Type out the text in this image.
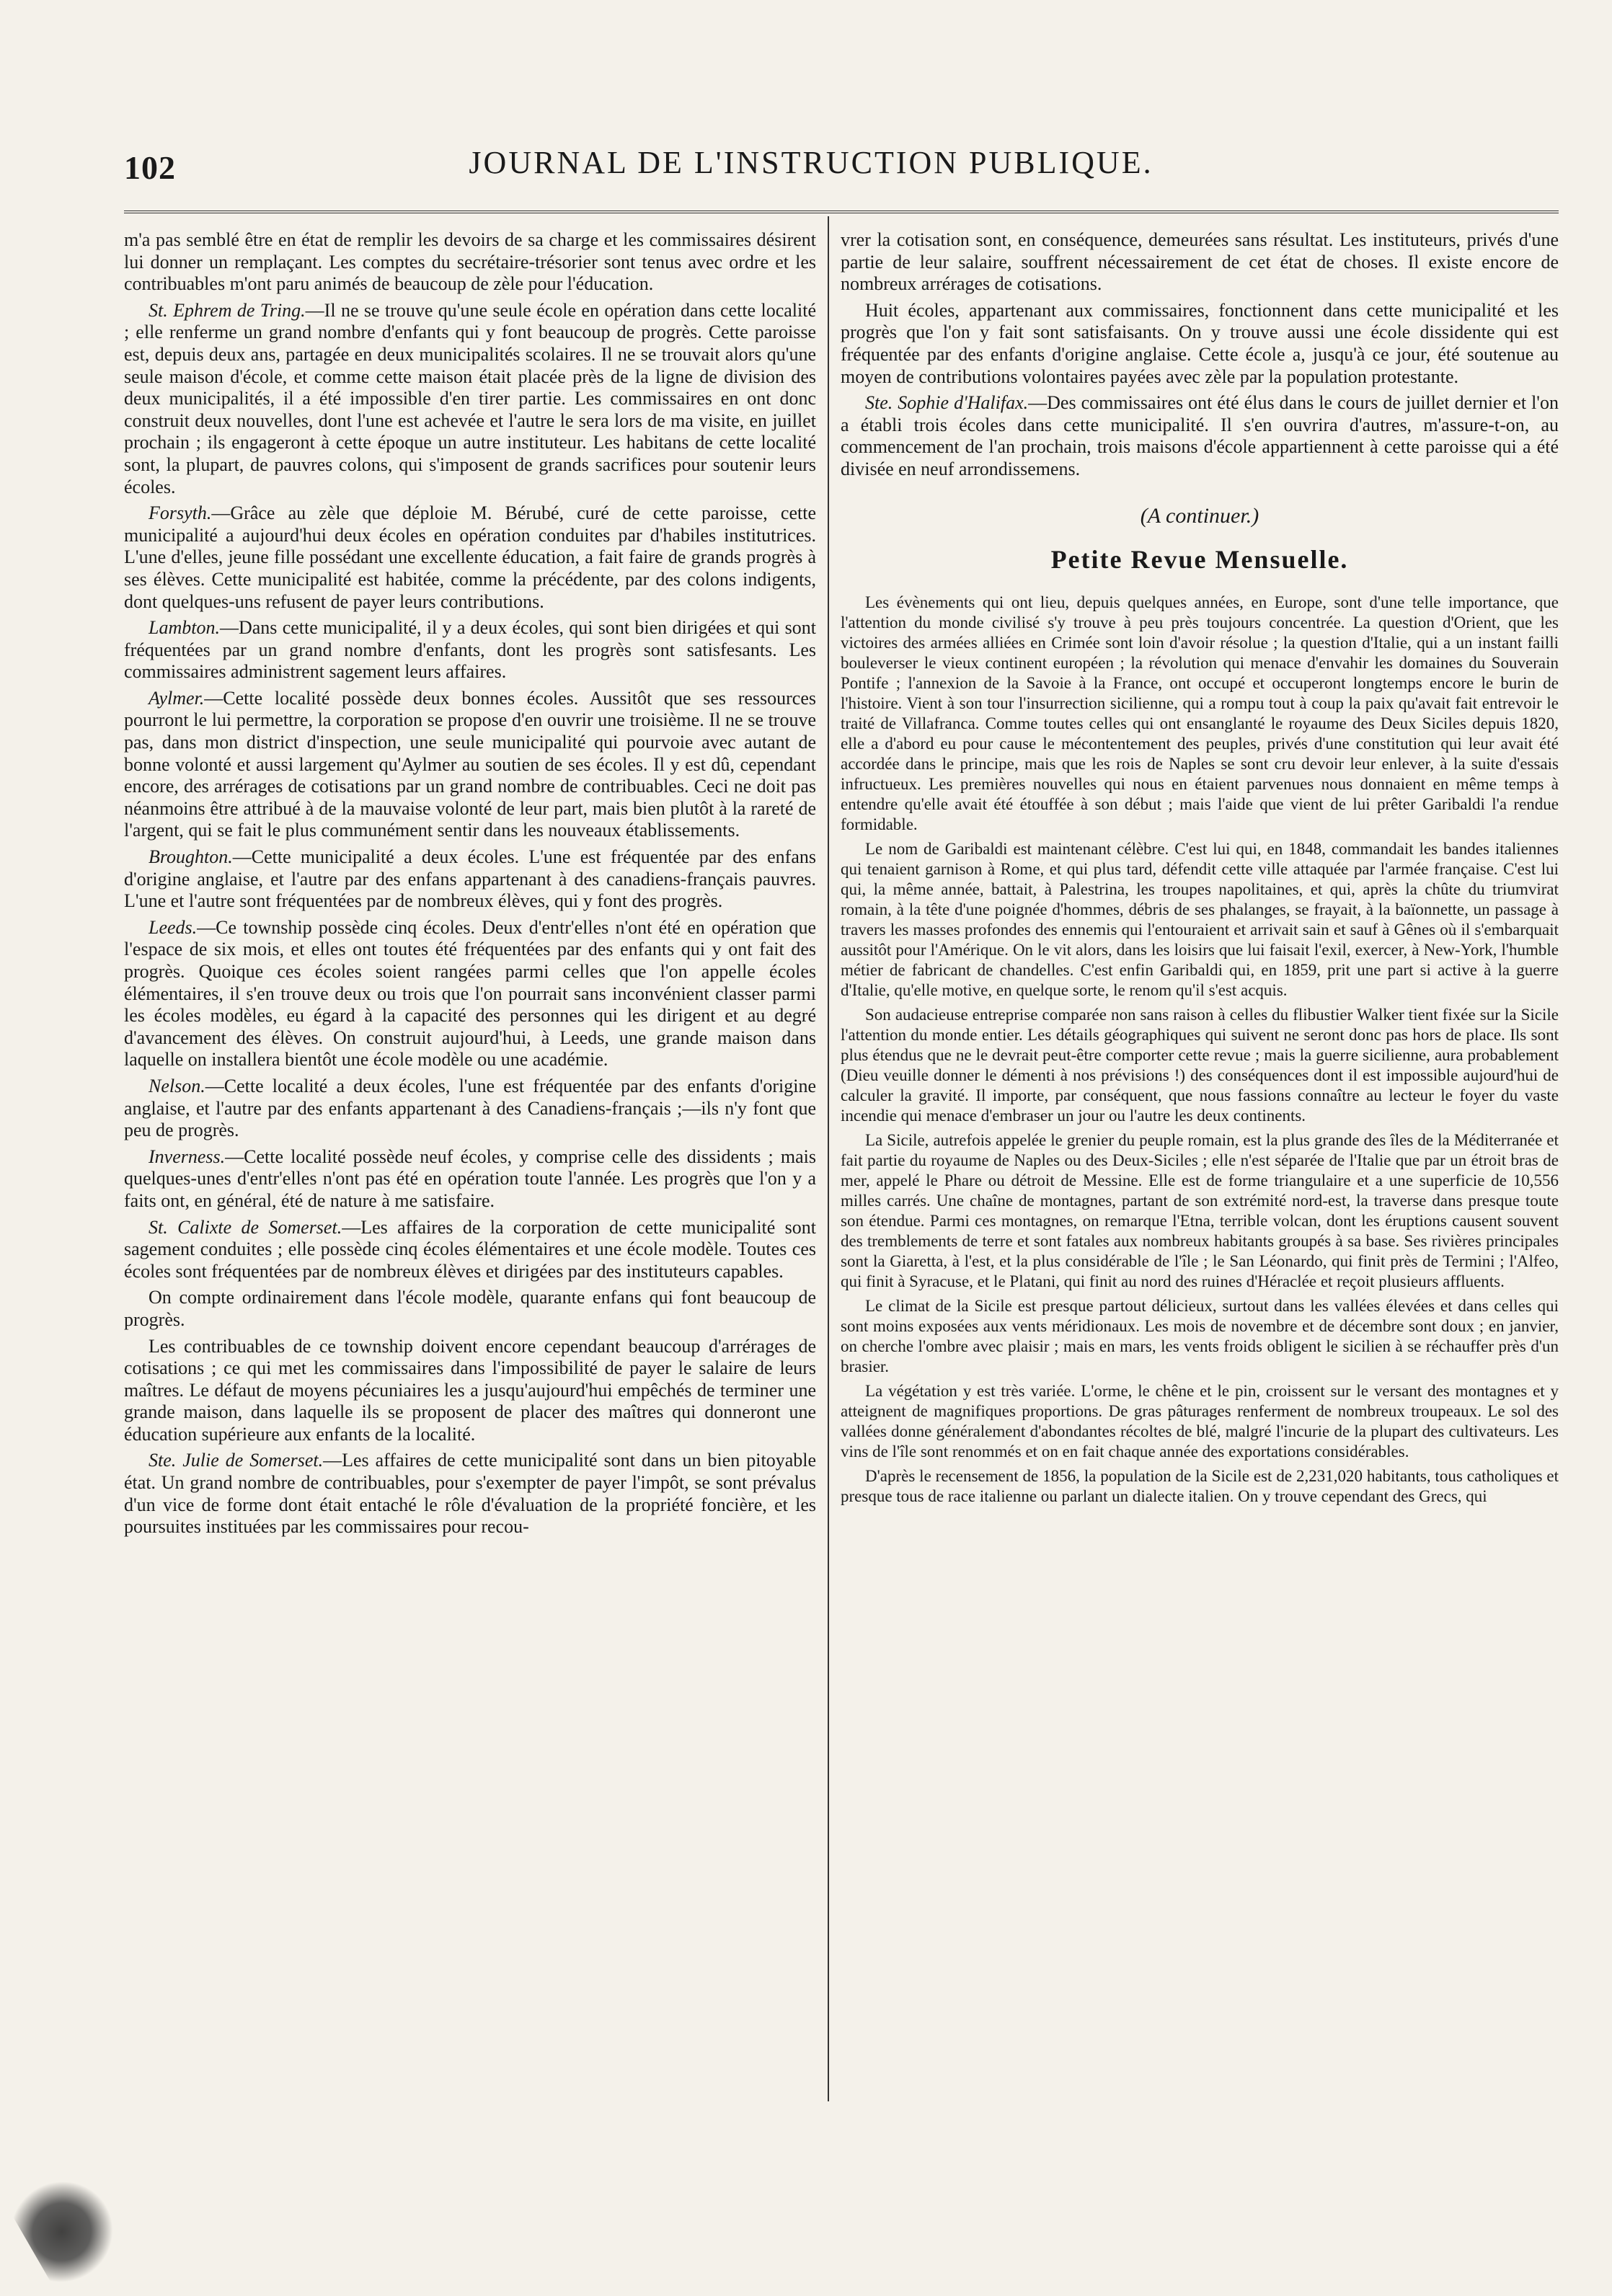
102	JOURNAL DE L'INSTRUCTION PUBLIQUE.

m'a pas semblé être en état de remplir les devoirs de sa charge et les commissaires désirent lui donner un remplaçant. Les comptes du secrétaire-trésorier sont tenus avec ordre et les contribuables m'ont paru animés de beaucoup de zèle pour l'éducation.

St. Ephrem de Tring.—Il ne se trouve qu'une seule école en opération dans cette localité ; elle renferme un grand nombre d'enfants qui y font beaucoup de progrès. Cette paroisse est, depuis deux ans, partagée en deux municipalités scolaires. Il ne se trouvait alors qu'une seule maison d'école, et comme cette maison était placée près de la ligne de division des deux municipalités, il a été impossible d'en tirer partie. Les commissaires en ont donc construit deux nouvelles, dont l'une est achevée et l'autre le sera lors de ma visite, en juillet prochain ; ils engageront à cette époque un autre instituteur. Les habitans de cette localité sont, la plupart, de pauvres colons, qui s'imposent de grands sacrifices pour soutenir leurs écoles.

Forsyth.—Grâce au zèle que déploie M. Bérubé, curé de cette paroisse, cette municipalité a aujourd'hui deux écoles en opération conduites par d'habiles institutrices. L'une d'elles, jeune fille possédant une excellente éducation, a fait faire de grands progrès à ses élèves. Cette municipalité est habitée, comme la précédente, par des colons indigents, dont quelques-uns refusent de payer leurs contributions.

Lambton.—Dans cette municipalité, il y a deux écoles, qui sont bien dirigées et qui sont fréquentées par un grand nombre d'enfants, dont les progrès sont satisfesants. Les commissaires administrent sagement leurs affaires.

Aylmer.—Cette localité possède deux bonnes écoles. Aussitôt que ses ressources pourront le lui permettre, la corporation se propose d'en ouvrir une troisième. Il ne se trouve pas, dans mon district d'inspection, une seule municipalité qui pourvoie avec autant de bonne volonté et aussi largement qu'Aylmer au soutien de ses écoles. Il y est dû, cependant encore, des arrérages de cotisations par un grand nombre de contribuables. Ceci ne doit pas néanmoins être attribué à de la mauvaise volonté de leur part, mais bien plutôt à la rareté de l'argent, qui se fait le plus communément sentir dans les nouveaux établissements.

Broughton.—Cette municipalité a deux écoles. L'une est fréquentée par des enfans d'origine anglaise, et l'autre par des enfans appartenant à des canadiens-français pauvres. L'une et l'autre sont fréquentées par de nombreux élèves, qui y font des progrès.

Leeds.—Ce township possède cinq écoles. Deux d'entr'elles n'ont été en opération que l'espace de six mois, et elles ont toutes été fréquentées par des enfants qui y ont fait des progrès. Quoique ces écoles soient rangées parmi celles que l'on appelle écoles élémentaires, il s'en trouve deux ou trois que l'on pourrait sans inconvénient classer parmi les écoles modèles, eu égard à la capacité des personnes qui les dirigent et au degré d'avancement des élèves. On construit aujourd'hui, à Leeds, une grande maison dans laquelle on installera bientôt une école modèle ou une académie.

Nelson.—Cette localité a deux écoles, l'une est fréquentée par des enfants d'origine anglaise, et l'autre par des enfants appartenant à des Canadiens-français ;—ils n'y font que peu de progrès.

Inverness.—Cette localité possède neuf écoles, y comprise celle des dissidents ; mais quelques-unes d'entr'elles n'ont pas été en opération toute l'année. Les progrès que l'on y a faits ont, en général, été de nature à me satisfaire.

St. Calixte de Somerset.—Les affaires de la corporation de cette municipalité sont sagement conduites ; elle possède cinq écoles élémentaires et une école modèle. Toutes ces écoles sont fréquentées par de nombreux élèves et dirigées par des instituteurs capables.

On compte ordinairement dans l'école modèle, quarante enfans qui font beaucoup de progrès.

Les contribuables de ce township doivent encore cependant beaucoup d'arrérages de cotisations ; ce qui met les commissaires dans l'impossibilité de payer le salaire de leurs maîtres. Le défaut de moyens pécuniaires les a jusqu'aujourd'hui empêchés de terminer une grande maison, dans laquelle ils se proposent de placer des maîtres qui donneront une éducation supérieure aux enfants de la localité.

Ste. Julie de Somerset.—Les affaires de cette municipalité sont dans un bien pitoyable état. Un grand nombre de contribuables, pour s'exempter de payer l'impôt, se sont prévalus d'un vice de forme dont était entaché le rôle d'évaluation de la propriété foncière, et les poursuites instituées par les commissaires pour recou-

vrer la cotisation sont, en conséquence, demeurées sans résultat. Les instituteurs, privés d'une partie de leur salaire, souffrent nécessairement de cet état de choses. Il existe encore de nombreux arrérages de cotisations.

Huit écoles, appartenant aux commissaires, fonctionnent dans cette municipalité et les progrès que l'on y fait sont satisfaisants. On y trouve aussi une école dissidente qui est fréquentée par des enfants d'origine anglaise. Cette école a, jusqu'à ce jour, été soutenue au moyen de contributions volontaires payées avec zèle par la population protestante.

Ste. Sophie d'Halifax.—Des commissaires ont été élus dans le cours de juillet dernier et l'on a établi trois écoles dans cette municipalité. Il s'en ouvrira d'autres, m'assure-t-on, au commencement de l'an prochain, trois maisons d'école appartiennent à cette paroisse qui a été divisée en neuf arrondissemens.

(A continuer.)
Petite Revue Mensuelle.

Les évènements qui ont lieu, depuis quelques années, en Europe, sont d'une telle importance, que l'attention du monde civilisé s'y trouve à peu près toujours concentrée. La question d'Orient, que les victoires des armées alliées en Crimée sont loin d'avoir résolue ; la question d'Italie, qui a un instant failli bouleverser le vieux continent européen ; la révolution qui menace d'envahir les domaines du Souverain Pontife ; l'annexion de la Savoie à la France, ont occupé et occuperont longtemps encore le burin de l'histoire. Vient à son tour l'insurrection sicilienne, qui a rompu tout à coup la paix qu'avait fait entrevoir le traité de Villafranca. Comme toutes celles qui ont ensanglanté le royaume des Deux Siciles depuis 1820, elle a d'abord eu pour cause le mécontentement des peuples, privés d'une constitution qui leur avait été accordée dans le principe, mais que les rois de Naples se sont cru devoir leur enlever, à la suite d'essais infructueux. Les premières nouvelles qui nous en étaient parvenues nous donnaient en même temps à entendre qu'elle avait été étouffée à son début ; mais l'aide que vient de lui prêter Garibaldi l'a rendue formidable.

Le nom de Garibaldi est maintenant célèbre. C'est lui qui, en 1848, commandait les bandes italiennes qui tenaient garnison à Rome, et qui plus tard, défendit cette ville attaquée par l'armée française. C'est lui qui, la même année, battait, à Palestrina, les troupes napolitaines, et qui, après la chûte du triumvirat romain, à la tête d'une poignée d'hommes, débris de ses phalanges, se frayait, à la baïonnette, un passage à travers les masses profondes des ennemis qui l'entouraient et arrivait sain et sauf à Gênes où il s'embarquait aussitôt pour l'Amérique. On le vit alors, dans les loisirs que lui faisait l'exil, exercer, à New-York, l'humble métier de fabricant de chandelles. C'est enfin Garibaldi qui, en 1859, prit une part si active à la guerre d'Italie, qu'elle motive, en quelque sorte, le renom qu'il s'est acquis.

Son audacieuse entreprise comparée non sans raison à celles du flibustier Walker tient fixée sur la Sicile l'attention du monde entier. Les détails géographiques qui suivent ne seront donc pas hors de place. Ils sont plus étendus que ne le devrait peut-être comporter cette revue ; mais la guerre sicilienne, aura probablement (Dieu veuille donner le démenti à nos prévisions !) des conséquences dont il est impossible aujourd'hui de calculer la gravité. Il importe, par conséquent, que nous fassions connaître au lecteur le foyer du vaste incendie qui menace d'embraser un jour ou l'autre les deux continents.

La Sicile, autrefois appelée le grenier du peuple romain, est la plus grande des îles de la Méditerranée et fait partie du royaume de Naples ou des Deux-Siciles ; elle n'est séparée de l'Italie que par un étroit bras de mer, appelé le Phare ou détroit de Messine. Elle est de forme triangulaire et a une superficie de 10,556 milles carrés. Une chaîne de montagnes, partant de son extrémité nord-est, la traverse dans presque toute son étendue. Parmi ces montagnes, on remarque l'Etna, terrible volcan, dont les éruptions causent souvent des tremblements de terre et sont fatales aux nombreux habitants groupés à sa base. Ses rivières principales sont la Giaretta, à l'est, et la plus considérable de l'île ; le San Léonardo, qui finit près de Termini ; l'Alfeo, qui finit à Syracuse, et le Platani, qui finit au nord des ruines d'Héraclée et reçoit plusieurs affluents.

Le climat de la Sicile est presque partout délicieux, surtout dans les vallées élevées et dans celles qui sont moins exposées aux vents méridionaux. Les mois de novembre et de décembre sont doux ; en janvier, on cherche l'ombre avec plaisir ; mais en mars, les vents froids obligent le sicilien à se réchauffer près d'un brasier.

La végétation y est très variée. L'orme, le chêne et le pin, croissent sur le versant des montagnes et y atteignent de magnifiques proportions. De gras pâturages renferment de nombreux troupeaux. Le sol des vallées donne généralement d'abondantes récoltes de blé, malgré l'incurie de la plupart des cultivateurs. Les vins de l'île sont renommés et on en fait chaque année des exportations considérables.

D'après le recensement de 1856, la population de la Sicile est de 2,231,020 habitants, tous catholiques et presque tous de race italienne ou parlant un dialecte italien. On y trouve cependant des Grecs, qui
